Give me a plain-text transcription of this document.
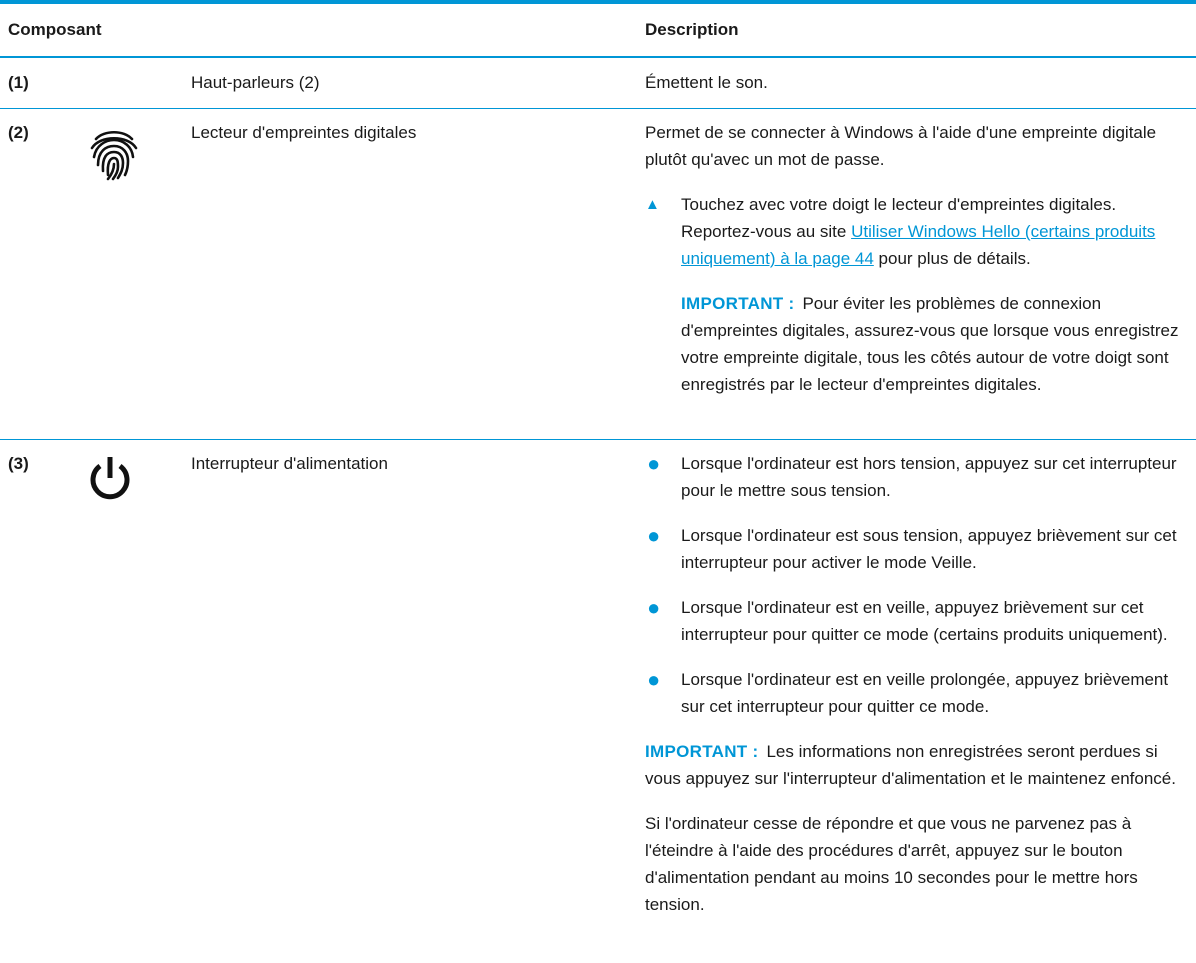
Composant	Description
(1)	Haut-parleurs (2)	Émettent le son.
(2)	Lecteur d'empreintes digitales	Permet de se connecter à Windows à l'aide d'une empreinte digitale plutôt qu'avec un mot de passe.

▲ Touchez avec votre doigt le lecteur d'empreintes digitales. Reportez-vous au site Utiliser Windows Hello (certains produits uniquement) à la page 44 pour plus de détails.

IMPORTANT : Pour éviter les problèmes de connexion d'empreintes digitales, assurez-vous que lorsque vous enregistrez votre empreinte digitale, tous les côtés autour de votre doigt sont enregistrés par le lecteur d'empreintes digitales.

(3)	Interrupteur d'alimentation	● Lorsque l'ordinateur est hors tension, appuyez sur cet interrupteur pour le mettre sous tension.
● Lorsque l'ordinateur est sous tension, appuyez brièvement sur cet interrupteur pour activer le mode Veille.
● Lorsque l'ordinateur est en veille, appuyez brièvement sur cet interrupteur pour quitter ce mode (certains produits uniquement).
● Lorsque l'ordinateur est en veille prolongée, appuyez brièvement sur cet interrupteur pour quitter ce mode.

IMPORTANT : Les informations non enregistrées seront perdues si vous appuyez sur l'interrupteur d'alimentation et le maintenez enfoncé.

Si l'ordinateur cesse de répondre et que vous ne parvenez pas à l'éteindre à l'aide des procédures d'arrêt, appuyez sur le bouton d'alimentation pendant au moins 10 secondes pour le mettre hors tension.
